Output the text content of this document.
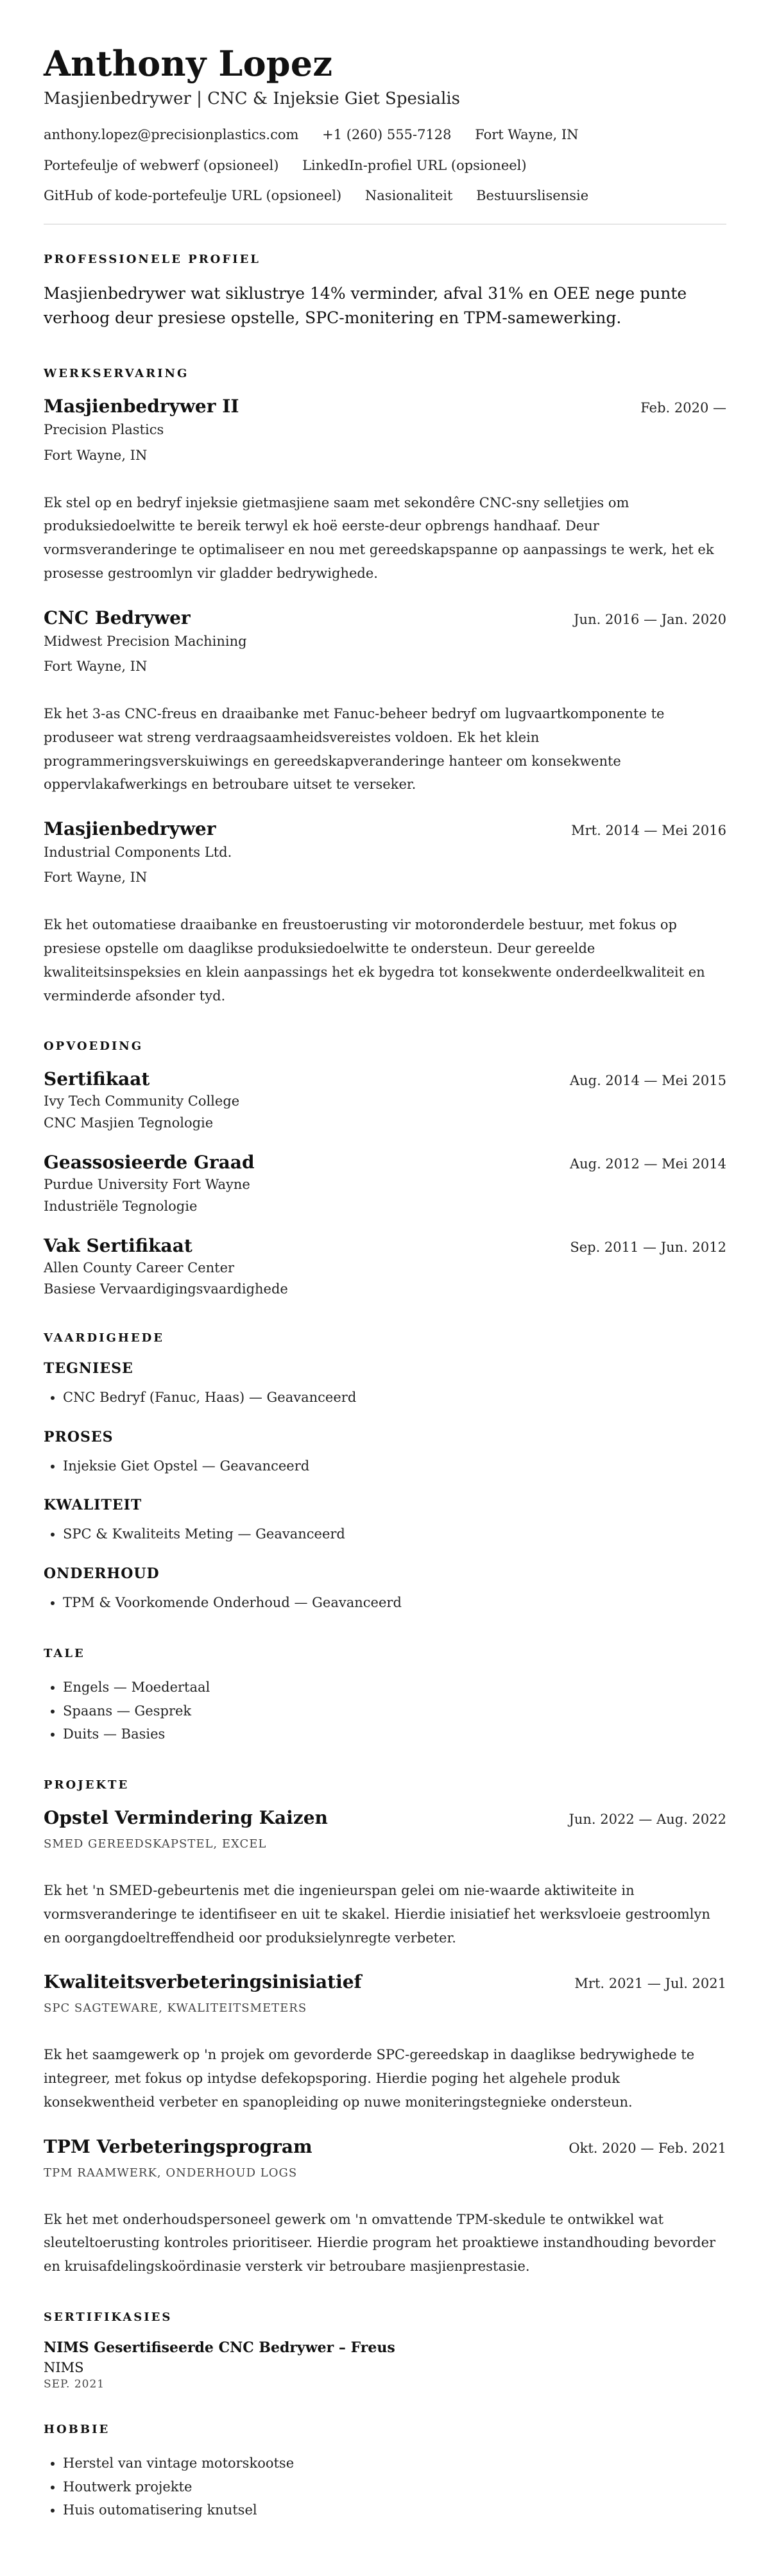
Anthony Lopez
Masjienbedrywer | CNC & Injeksie Giet Spesialis
anthony.lopez@precisionplastics.com +1 (260) 555-7128 Fort Wayne, IN
Portefeulje of webwerf (opsioneel) LinkedIn-profiel URL (opsioneel)
GitHub of kode-portefeulje URL (opsioneel) Nasionaliteit Bestuurslisensie
PROFESSIONELE PROFIEL
Masjienbedrywer wat siklustrye 14% verminder, afval 31% en OEE nege punte verhoog deur presiese opstelle, SPC-monitering en TPM-samewerking.
WERKSERVARING
Masjienbedrywer II	Feb. 2020 —
Precision Plastics
Fort Wayne, IN
Ek stel op en bedryf injeksie gietmasjiene saam met sekondêre CNC-sny selletjies om produksiedoelwitte te bereik terwyl ek hoë eerste-deur opbrengs handhaaf. Deur vormsveranderinge te optimaliseer en nou met gereedskapspanne op aanpassings te werk, het ek prosesse gestroomlyn vir gladder bedrywighede.
CNC Bedrywer	Jun. 2016 — Jan. 2020
Midwest Precision Machining
Fort Wayne, IN
Ek het 3-as CNC-freus en draaibanke met Fanuc-beheer bedryf om lugvaartkomponente te produseer wat streng verdraagsaamheidsvereistes voldoen. Ek het klein programmeringsverskuiwings en gereedskapveranderinge hanteer om konsekwente oppervlakafwerkings en betroubare uitset te verseker.
Masjienbedrywer	Mrt. 2014 — Mei 2016
Industrial Components Ltd.
Fort Wayne, IN
Ek het outomatiese draaibanke en freustoerusting vir motoronderdele bestuur, met fokus op presiese opstelle om daaglikse produksiedoelwitte te ondersteun. Deur gereelde kwaliteitsinspeksies en klein aanpassings het ek bygedra tot konsekwente onderdeelkwaliteit en verminderde afsonder tyd.
OPVOEDING
Sertifikaat	Aug. 2014 — Mei 2015
Ivy Tech Community College
CNC Masjien Tegnologie
Geassosieerde Graad	Aug. 2012 — Mei 2014
Purdue University Fort Wayne
Industriële Tegnologie
Vak Sertifikaat	Sep. 2011 — Jun. 2012
Allen County Career Center
Basiese Vervaardigingsvaardighede
VAARDIGHEDE
TEGNIESE
• CNC Bedryf (Fanuc, Haas) — Geavanceerd
PROSES
• Injeksie Giet Opstel — Geavanceerd
KWALITEIT
• SPC & Kwaliteits Meting — Geavanceerd
ONDERHOUD
• TPM & Voorkomende Onderhoud — Geavanceerd
TALE
• Engels — Moedertaal
• Spaans — Gesprek
• Duits — Basies
PROJEKTE
Opstel Vermindering Kaizen	Jun. 2022 — Aug. 2022
SMED GEREEDSKAPSTEL, EXCEL
Ek het 'n SMED-gebeurtenis met die ingenieurspan gelei om nie-waarde aktiwiteite in vormsveranderinge te identifiseer en uit te skakel. Hierdie inisiatief het werksvloeie gestroomlyn en oorgangdoeltreffendheid oor produksielynregte verbeter.
Kwaliteitsverbeteringsinisiatief	Mrt. 2021 — Jul. 2021
SPC SAGTEWARE, KWALITEITSMETERS
Ek het saamgewerk op 'n projek om gevorderde SPC-gereedskap in daaglikse bedrywighede te integreer, met fokus op intydse defekopsporing. Hierdie poging het algehele produk konsekwentheid verbeter en spanopleiding op nuwe moniteringstegnieke ondersteun.
TPM Verbeteringsprogram	Okt. 2020 — Feb. 2021
TPM RAAMWERK, ONDERHOUD LOGS
Ek het met onderhoudspersoneel gewerk om 'n omvattende TPM-skedule te ontwikkel wat sleuteltoerusting kontroles prioritiseer. Hierdie program het proaktiewe instandhouding bevorder en kruisafdelingskoördinasie versterk vir betroubare masjienprestasie.
SERTIFIKASIES
NIMS Gesertifiseerde CNC Bedrywer – Freus
NIMS
SEP. 2021
HOBBIE
• Herstel van vintage motorskootse
• Houtwerk projekte
• Huis outomatisering knutsel
